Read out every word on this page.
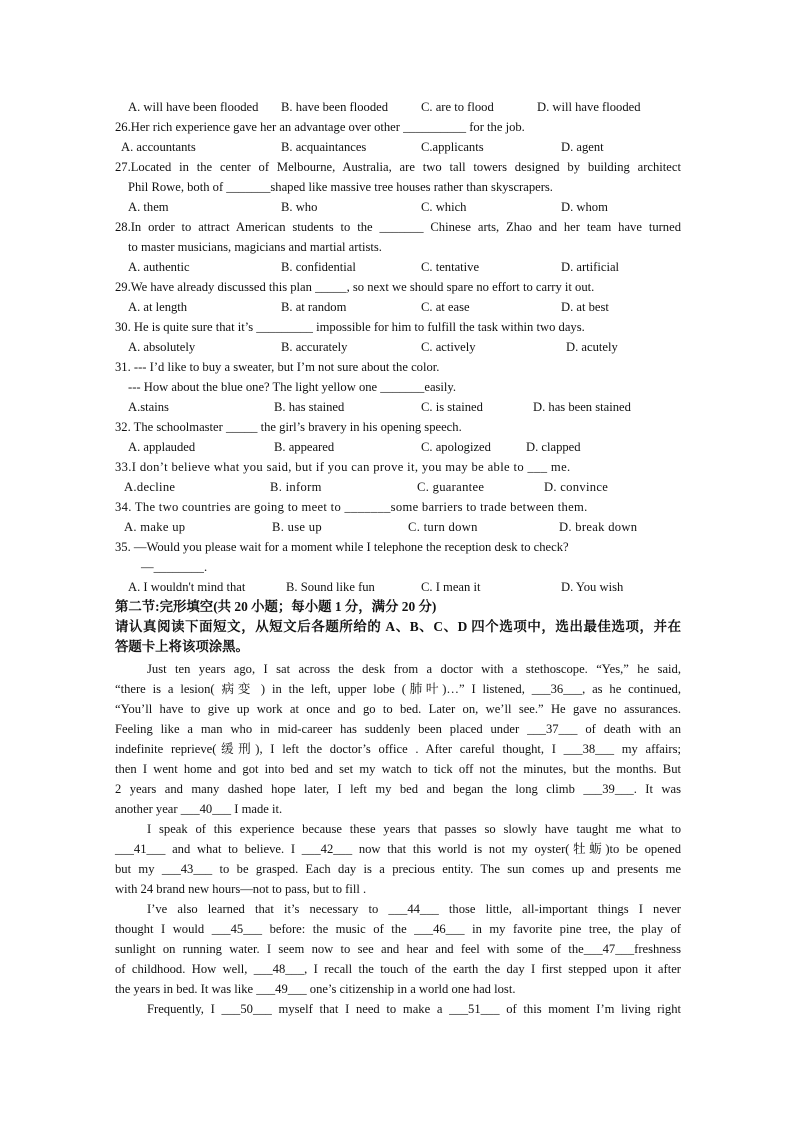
A. will have been flooded B. have been flooded	C. are to flood	D. will have flooded
26.Her rich experience gave her an advantage over other __________ for the job.
A. accountants	B. acquaintances	C.applicants	D. agent
27.Located in the center of Melbourne, Australia, are two tall towers designed by building architect
Phil Rowe, both of _______shaped like massive tree houses rather than skyscrapers.
A. them	B. who	C. which	D. whom
28.In order to attract American students to the _______ Chinese arts, Zhao and her team have turned
to master musicians, magicians and martial artists.
A. authentic	B. confidential	C. tentative	D. artificial
29.We have already discussed this plan _____, so next we should spare no effort to carry it out.
A. at length	B. at random	C. at ease	D. at best
30. He is quite sure that it’s _________ impossible for him to fulfill the task within two days.
A. absolutely	B. accurately	C. actively	D. acutely
31. --- I’d like to buy a sweater, but I’m not sure about the color.
--- How about the blue one? The light yellow one _______easily.
A.stains	B. has stained	C. is stained	D. has been stained
32. The schoolmaster _____ the girl’s bravery in his opening speech.
A. applauded	B. appeared	C. apologized	D. clapped
33.I don’t believe what you said, but if you can prove it, you may be able to ___ me.
A.decline	B. inform	C. guarantee	D. convince
34. The two countries are going to meet to _______some barriers to trade between them.
A. make up	B. use up	C. turn down	D. break down
35. —Would you please wait for a moment while I telephone the reception desk to check?
—________.
A. I wouldn't mind that	B. Sound like fun	C. I mean it	D. You wish
第二节:完形填空(共 20 小题；每小题 1 分，满分 20 分)
请认真阅读下面短文，从短文后各题所给的 A、B、C、D 四个选项中，选出最佳选项，并在
答题卡上将该项涂黑。
Just ten years ago, I sat across the desk from a doctor with a stethoscope. “Yes,” he said,
“there is a lesion( 病变 ) in the left, upper lobe (肺叶)…” I listened, ___36___, as he continued,
“You’ll have to give up work at once and go to bed. Later on, we’ll see.” He gave no assurances.
Feeling like a man who in mid-career has suddenly been placed under ___37___ of death with an
indefinite reprieve(缓刑), I left the doctor’s office . After careful thought, I ___38___ my affairs;
then I went home and got into bed and set my watch to tick off not the minutes, but the months. But
2 years and many dashed hope later, I left my bed and began the long climb ___39___. It was
another year ___40___ I made it.
I speak of this experience because these years that passes so slowly have taught me what to
___41___ and what to believe. I ___42___ now that this world is not my oyster(牡蛎)to be opened
but my ___43___ to be grasped. Each day is a precious entity. The sun comes up and presents me
with 24 brand new hours—not to pass, but to fill .
I’ve also learned that it’s necessary to ___44___ those little, all-important things I never
thought I would ___45___ before: the music of the ___46___ in my favorite pine tree, the play of
sunlight on running water. I seem now to see and hear and feel with some of the___47___freshness
of childhood. How well, ___48___, I recall the touch of the earth the day I first stepped upon it after
the years in bed. It was like ___49___ one’s citizenship in a world one had lost.
Frequently, I ___50___ myself that I need to make a ___51___ of this moment I’m living right
